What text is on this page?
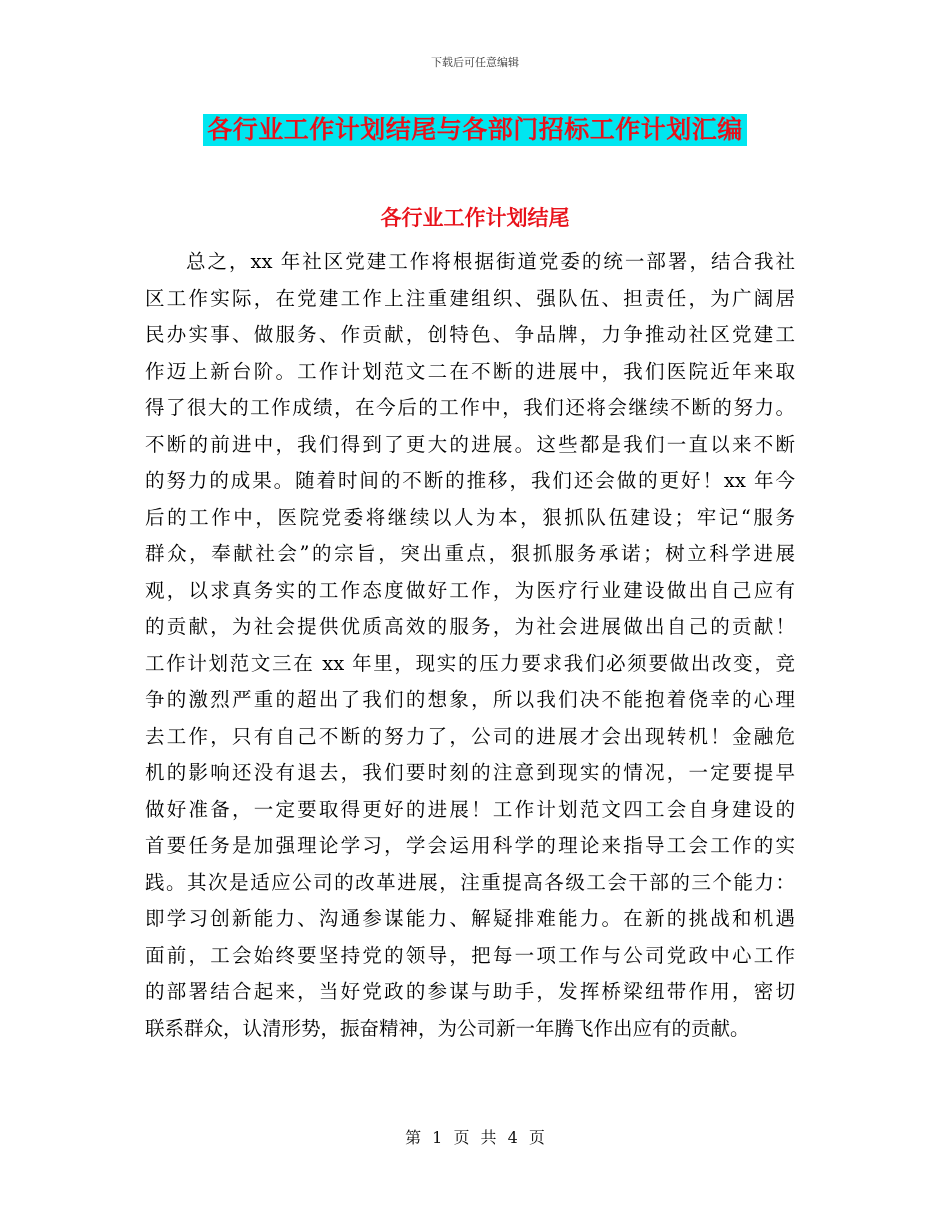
下载后可任意编辑
各行业工作计划结尾与各部门招标工作计划汇编
各行业工作计划结尾
总之，xx 年社区党建工作将根据街道党委的统一部署，结合我社
区工作实际，在党建工作上注重建组织、强队伍、担责任，为广阔居
民办实事、做服务、作贡献，创特色、争品牌，力争推动社区党建工
作迈上新台阶。工作计划范文二在不断的进展中，我们医院近年来取
得了很大的工作成绩，在今后的工作中，我们还将会继续不断的努力。
不断的前进中，我们得到了更大的进展。这些都是我们一直以来不断
的努力的成果。随着时间的不断的推移，我们还会做的更好！xx 年今
后的工作中，医院党委将继续以人为本，狠抓队伍建设；牢记“服务
群众，奉献社会”的宗旨，突出重点，狠抓服务承诺；树立科学进展
观，以求真务实的工作态度做好工作，为医疗行业建设做出自己应有
的贡献，为社会提供优质高效的服务，为社会进展做出自己的贡献！
工作计划范文三在 xx 年里，现实的压力要求我们必须要做出改变，竞
争的激烈严重的超出了我们的想象，所以我们决不能抱着侥幸的心理
去工作，只有自己不断的努力了，公司的进展才会出现转机！金融危
机的影响还没有退去，我们要时刻的注意到现实的情况，一定要提早
做好准备，一定要取得更好的进展！工作计划范文四工会自身建设的
首要任务是加强理论学习，学会运用科学的理论来指导工会工作的实
践。其次是适应公司的改革进展，注重提高各级工会干部的三个能力：
即学习创新能力、沟通参谋能力、解疑排难能力。在新的挑战和机遇
面前，工会始终要坚持党的领导，把每一项工作与公司党政中心工作
的部署结合起来，当好党政的参谋与助手，发挥桥梁纽带作用，密切
联系群众，认清形势，振奋精神，为公司新一年腾飞作出应有的贡献。
第 1 页 共 4 页
